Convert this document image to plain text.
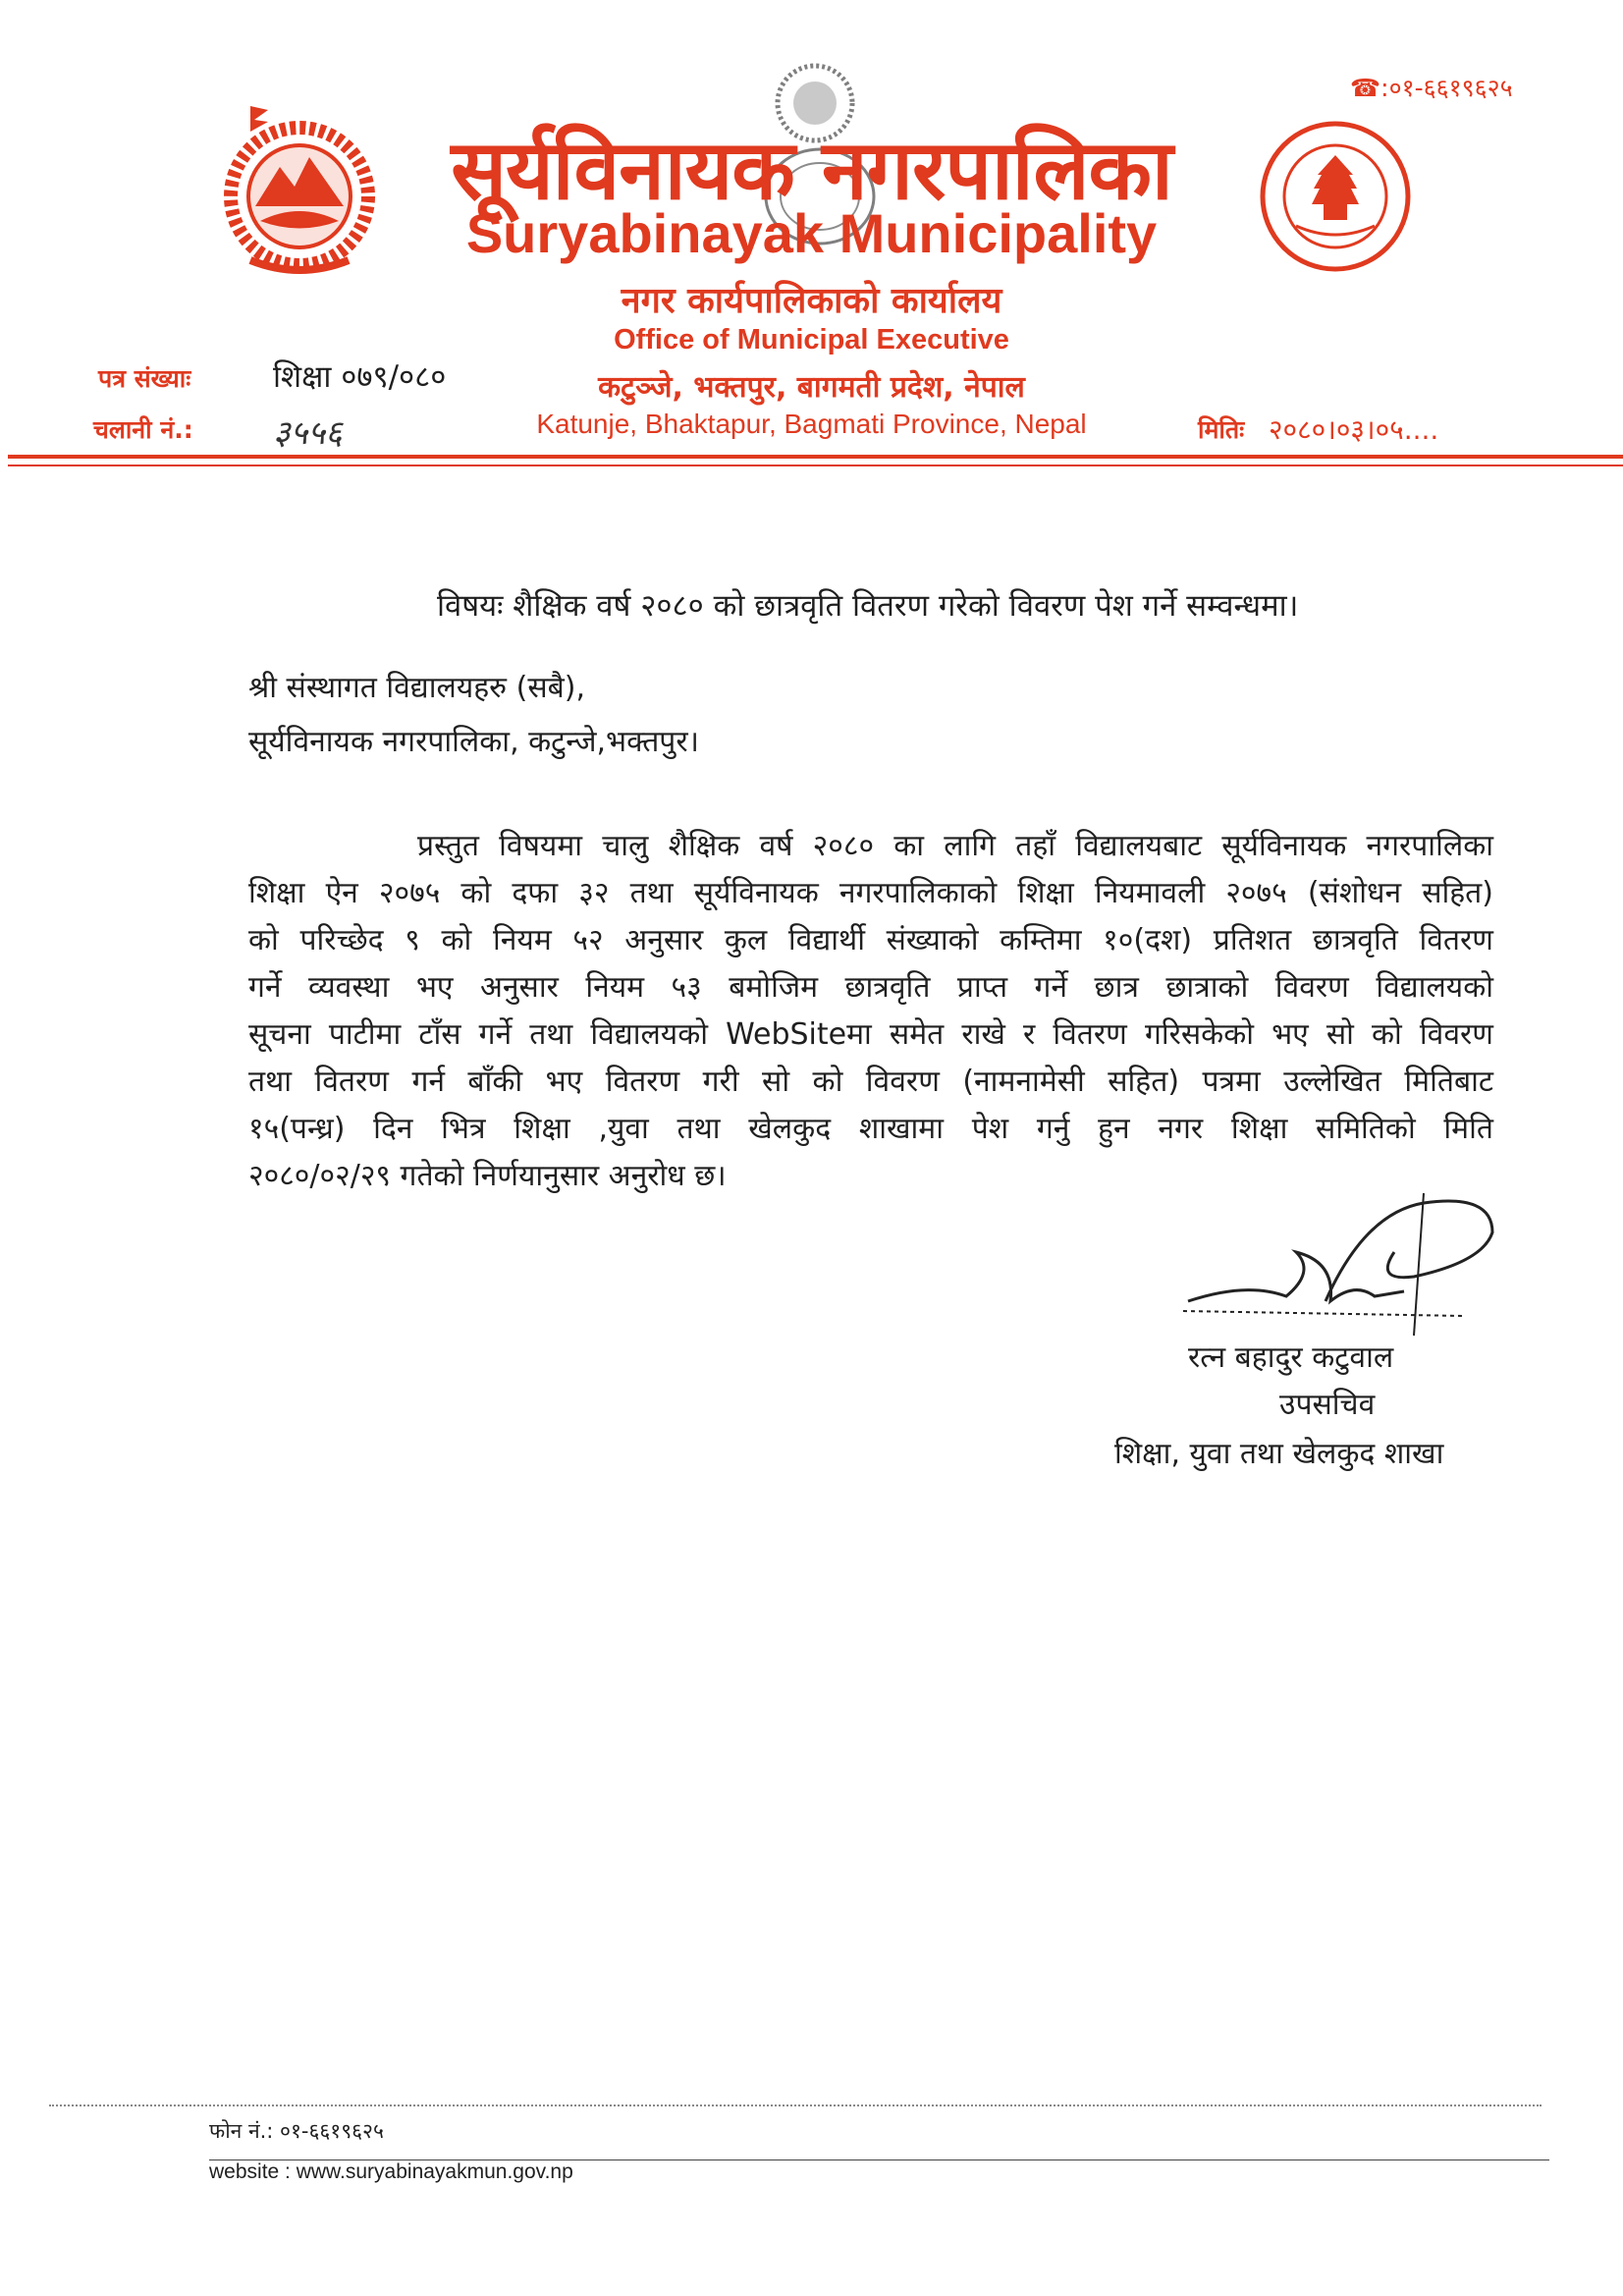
☎:०१-६६१९६२५
सूर्यविनायक नगरपालिका
Suryabinayak Municipality
नगर कार्यपालिकाको कार्यालय
Office of Municipal Executive
कटुञ्जे, भक्तपुर, बागमती प्रदेश, नेपाल
Katunje, Bhaktapur, Bagmati Province, Nepal
पत्र संख्याः	शिक्षा ०७९/०८०
चलानी नं.: ३५५६	मितिः २०८०।०३।०५....
विषयः शैक्षिक वर्ष २०८० को छात्रवृति वितरण गरेको विवरण पेश गर्ने सम्वन्धमा।
श्री संस्थागत विद्यालयहरु (सबै),
सूर्यविनायक नगरपालिका, कटुन्जे,भक्तपुर।
प्रस्तुत विषयमा चालु शैक्षिक वर्ष २०८० का लागि तहाँ विद्यालयबाट सूर्यविनायक नगरपालिका
शिक्षा ऐन २०७५ को दफा ३२ तथा सूर्यविनायक नगरपालिकाको शिक्षा नियमावली २०७५ (संशोधन सहित)
को परिच्छेद ९ को नियम ५२ अनुसार कुल विद्यार्थी संख्याको कम्तिमा १०(दश) प्रतिशत छात्रवृति वितरण
गर्ने व्यवस्था भए अनुसार नियम ५३ बमोजिम छात्रवृति प्राप्त गर्ने छात्र छात्राको विवरण विद्यालयको
सूचना पाटीमा टाँस गर्ने तथा विद्यालयको WebSiteमा समेत राखे र वितरण गरिसकेको भए सो को विवरण
तथा वितरण गर्न बाँकी भए वितरण गरी सो को विवरण (नामनामेसी सहित) पत्रमा उल्लेखित मितिबाट
१५(पन्ध्र) दिन भित्र शिक्षा ,युवा तथा खेलकुद शाखामा पेश गर्नु हुन नगर शिक्षा समितिको मिति
२०८०/०२/२९ गतेको निर्णयानुसार अनुरोध छ।
रत्न बहादुर कटुवाल
उपसचिव
शिक्षा, युवा तथा खेलकुद शाखा
फोन नं.: ०१-६६१९६२५
website : www.suryabinayakmun.gov.np
